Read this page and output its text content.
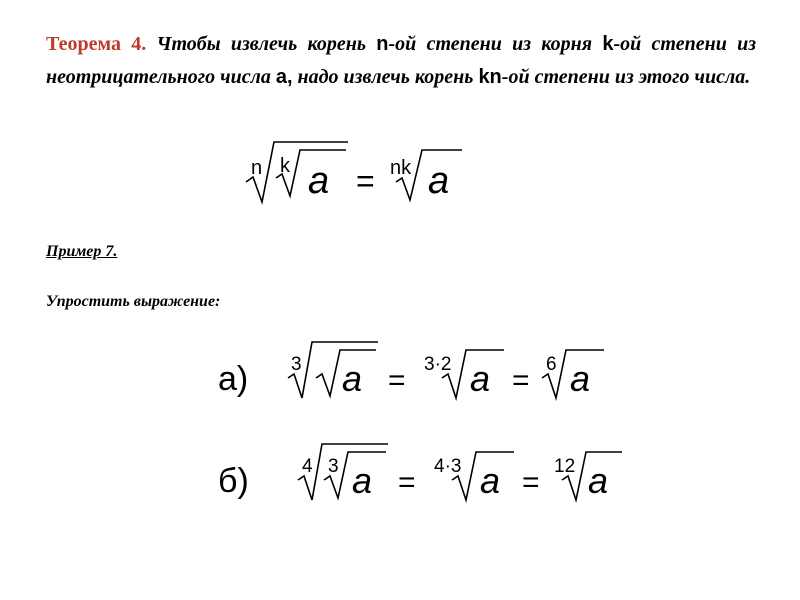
Теорема 4. Чтобы извлечь корень n-ой степени из корня k-ой степени из неотрицательного числа a, надо извлечь корень kn-ой степени из этого числа.
n k a = nk a
Пример 7.
Упростить выражение:
а) 3 a = 3·2 a = 6 a
б)	4 3 a = 4·3 a = 12 a
